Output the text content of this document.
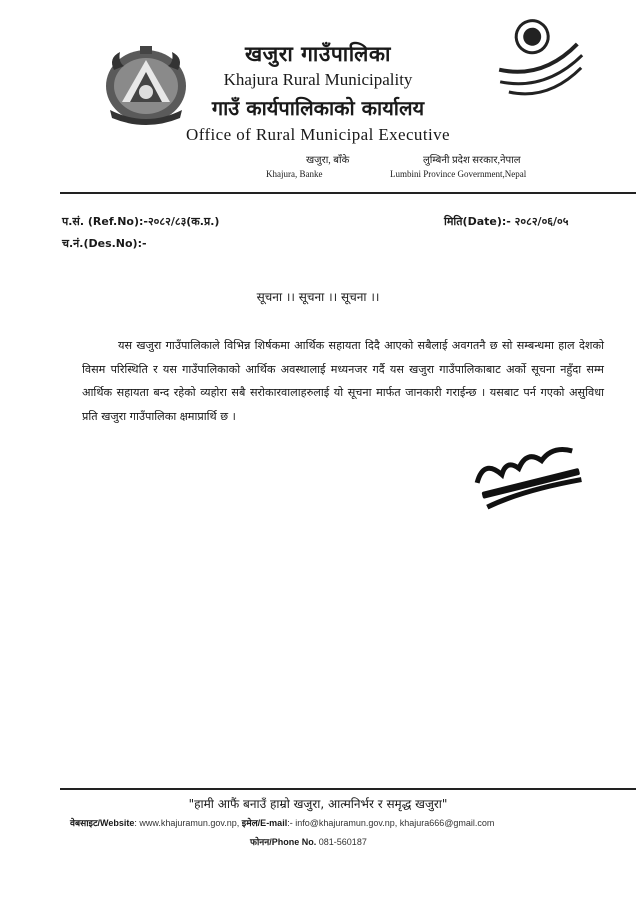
खजुरा गाउँपालिका
Khajura Rural Municipality
गाउँ कार्यपालिकाको कार्यालय
Office of Rural Municipal Executive
खजुरा, बाँके	लुम्बिनी प्रदेश सरकार,नेपाल
Khajura, Banke	Lumbini Province Government,Nepal
प.सं. (Ref.No):-२०८२/८३(क.प्र.)
च.नं.(Des.No):-
मिति(Date):- २०८२/०६/०५
सूचना ।। सूचना ।। सूचना ।।
यस खजुरा गाउँपालिकाले विभिन्न शिर्षकमा आर्थिक सहायता दिदै आएको सबैलाई अवगतनै छ सो सम्बन्धमा हाल देशको विसम परिस्थिति र यस गाउँपालिकाको आर्थिक अवस्थालाई मध्यनजर गर्दै यस खजुरा गाउँपालिकाबाट अर्को सूचना नहुँदा सम्म आर्थिक सहायता बन्द रहेको व्यहोरा सबै सरोकारवालाहरुलाई यो सूचना मार्फत जानकारी गराईन्छ । यसबाट पर्न गएको असुविधा प्रति खजुरा गाउँपालिका क्षमाप्रार्थि छ ।
"हामी आफैं बनाउँ हाम्रो खजुरा, आत्मनिर्भर र समृद्ध खजुरा"
वेबसाइट/Website: www.khajuramun.gov.np, इमेल/E-mail:- info@khajuramun.gov.np, khajura666@gmail.com
फोनन/Phone No. 081-560187
